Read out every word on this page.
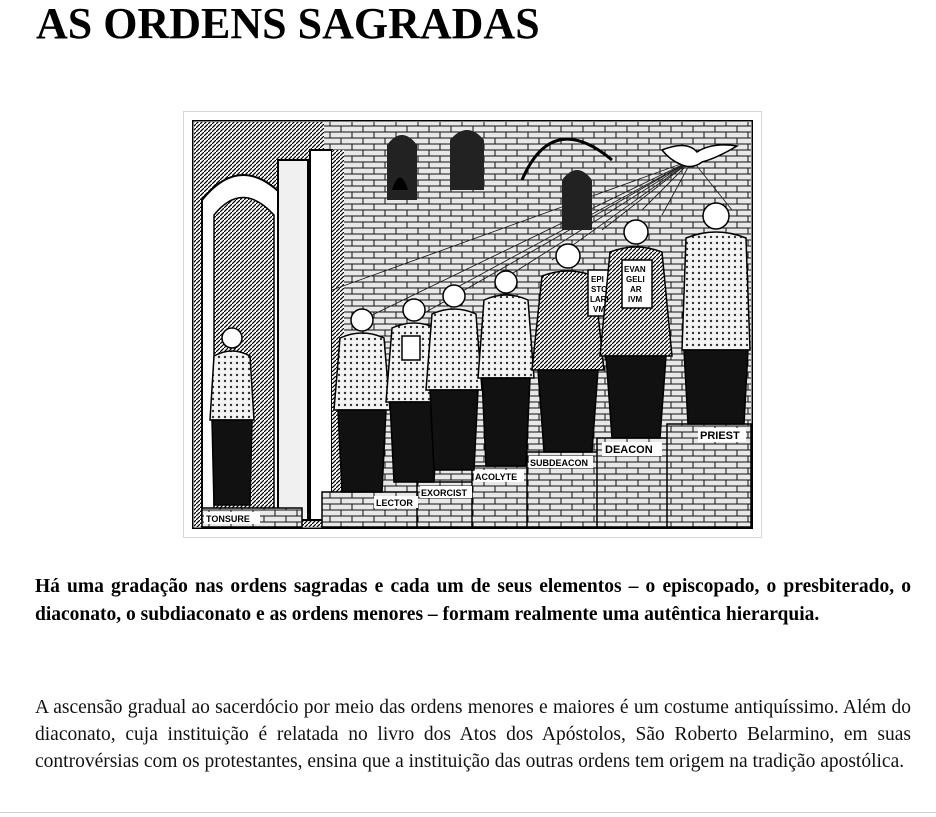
AS ORDENS SAGRADAS
TONSURE
LECTOR
EXORCIST
ACOLYTE
SUBDEACON
DEACON
PRIEST
EVAN
GELI
AR
IVM
EPI
STO
LARI
VM

Há uma gradação nas ordens sagradas e cada um de seus elementos – o episcopado, o presbiterado, o diaconato, o subdiaconato e as ordens menores – formam realmente uma autêntica hierarquia.

A ascensão gradual ao sacerdócio por meio das ordens menores e maiores é um costume antiquíssimo. Além do diaconato, cuja instituição é relatada no livro dos Atos dos Apóstolos, São Roberto Belarmino, em suas controvérsias com os protestantes, ensina que a instituição das outras ordens tem origem na tradição apostólica.
